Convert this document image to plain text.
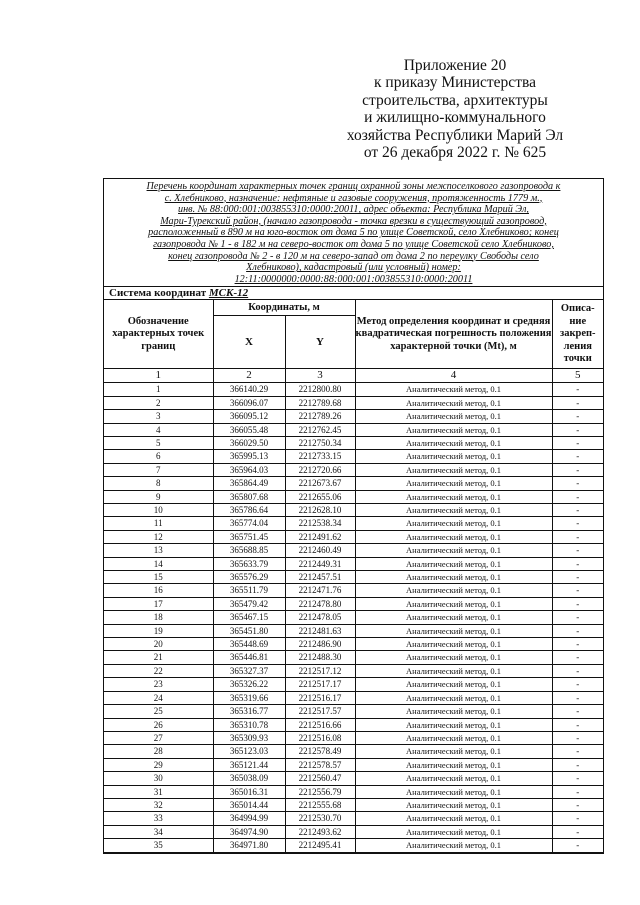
Приложение 20
к приказу Министерства
строительства, архитектуры
и жилищно-коммунального
хозяйства Республики Марий Эл
от 26 декабря 2022 г. № 625
Перечень координат характерных точек границ охранной зоны межпоселкового газопровода к
с. Хлебниково, назначение: нефтяные и газовые сооружения, протяженность 1779 м.,
инв. № 88:000:001:003855310:0000:20011, адрес объекта: Республика Марий Эл,
Мари-Турекский район, (начало газопровода - точка врезки в существующий газопровод,
расположенный в 890 м на юго-восток от дома 5 по улице Советской, село Хлебниково; конец
газопровода № 1 - в 182 м на северо-восток от дома 5 по улице Советской село Хлебниково,
конец газопровода № 2 - в 120 м на северо-запад от дома 2 по переулку Свободы село
Хлебниково), кадастровый (или условный) номер:
12:11:0000000:0000:88:000:001:003855310:0000:20011
Система координат МСК-12
Обозначение характерных точек границ	Координаты, м		Метод определения координат и средняя квадратическая погрешность положения характерной точки (Mt), м	Описа-ние закреп-ления точки
	X	Y		
1	2	3	4	5
1	366140.29	2212800.80	Аналитический метод, 0.1	-
2	366096.07	2212789.68	Аналитический метод, 0.1	-
3	366095.12	2212789.26	Аналитический метод, 0.1	-
4	366055.48	2212762.45	Аналитический метод, 0.1	-
5	366029.50	2212750.34	Аналитический метод, 0.1	-
6	365995.13	2212733.15	Аналитический метод, 0.1	-
7	365964.03	2212720.66	Аналитический метод, 0.1	-
8	365864.49	2212673.67	Аналитический метод, 0.1	-
9	365807.68	2212655.06	Аналитический метод, 0.1	-
10	365786.64	2212628.10	Аналитический метод, 0.1	-
11	365774.04	2212538.34	Аналитический метод, 0.1	-
12	365751.45	2212491.62	Аналитический метод, 0.1	-
13	365688.85	2212460.49	Аналитический метод, 0.1	-
14	365633.79	2212449.31	Аналитический метод, 0.1	-
15	365576.29	2212457.51	Аналитический метод, 0.1	-
16	365511.79	2212471.76	Аналитический метод, 0.1	-
17	365479.42	2212478.80	Аналитический метод, 0.1	-
18	365467.15	2212478.05	Аналитический метод, 0.1	-
19	365451.80	2212481.63	Аналитический метод, 0.1	-
20	365448.69	2212486.90	Аналитический метод, 0.1	-
21	365446.81	2212488.30	Аналитический метод, 0.1	-
22	365327.37	2212517.12	Аналитический метод, 0.1	-
23	365326.22	2212517.17	Аналитический метод, 0.1	-
24	365319.66	2212516.17	Аналитический метод, 0.1	-
25	365316.77	2212517.57	Аналитический метод, 0.1	-
26	365310.78	2212516.66	Аналитический метод, 0.1	-
27	365309.93	2212516.08	Аналитический метод, 0.1	-
28	365123.03	2212578.49	Аналитический метод, 0.1	-
29	365121.44	2212578.57	Аналитический метод, 0.1	-
30	365038.09	2212560.47	Аналитический метод, 0.1	-
31	365016.31	2212556.79	Аналитический метод, 0.1	-
32	365014.44	2212555.68	Аналитический метод, 0.1	-
33	364994.99	2212530.70	Аналитический метод, 0.1	-
34	364974.90	2212493.62	Аналитический метод, 0.1	-
35	364971.80	2212495.41	Аналитический метод, 0.1	-
